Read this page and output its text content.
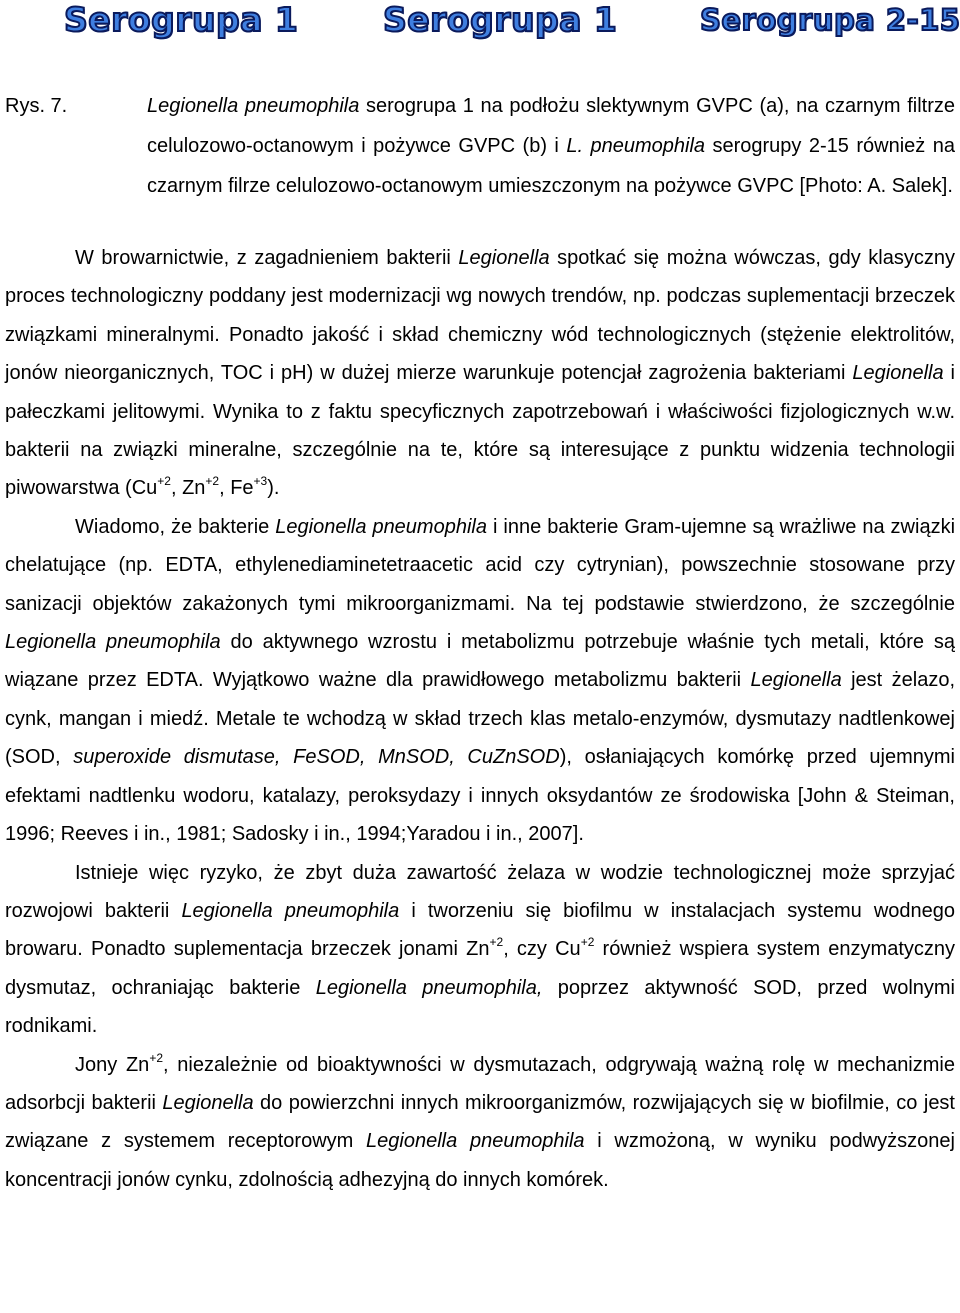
Serogrupa 1	Serogrupa 1	Serogrupa 2-15
Rys. 7.	Legionella pneumophila serogrupa 1 na podłożu slektywnym GVPC (a), na czarnym filtrze celulozowo-octanowym i pożywce GVPC (b) i L. pneumophila serogrupy 2-15 również na czarnym filrze celulozowo-octanowym umieszczonym na pożywce GVPC [Photo: A. Salek].

W browarnictwie, z zagadnieniem bakterii Legionella spotkać się można wówczas, gdy klasyczny proces technologiczny poddany jest modernizacji wg nowych trendów, np. podczas suplementacji brzeczek związkami mineralnymi. Ponadto jakość i skład chemiczny wód technologicznych (stężenie elektrolitów, jonów nieorganicznych, TOC i pH) w dużej mierze warunkuje potencjał zagrożenia bakteriami Legionella i pałeczkami jelitowymi. Wynika to z faktu specyficznych zapotrzebowań i właściwości fizjologicznych w.w. bakterii na związki mineralne, szczególnie na te, które są interesujące z punktu widzenia technologii piwowarstwa ($Cu^{+2}$, $Zn^{+2}$, $Fe^{+3}$).

Wiadomo, że bakterie Legionella pneumophila i inne bakterie Gram-ujemne są wrażliwe na związki chelatujące (np. EDTA, ethylenediaminetetraacetic acid czy cytrynian), powszechnie stosowane przy sanizacji objektów zakażonych tymi mikroorganizmami. Na tej podstawie stwierdzono, że szczególnie Legionella pneumophila do aktywnego wzrostu i metabolizmu potrzebuje właśnie tych metali, które są wiązane przez EDTA. Wyjątkowo ważne dla prawidłowego metabolizmu bakterii Legionella jest żelazo, cynk, mangan i miedź. Metale te wchodzą w skład trzech klas metalo-enzymów, dysmutazy nadtlenkowej (SOD, superoxide dismutase, FeSOD, MnSOD, CuZnSOD), osłaniających komórkę przed ujemnymi efektami nadtlenku wodoru, katalazy, peroksydazy i innych oksydantów ze środowiska [John & Steiman, 1996; Reeves i in., 1981; Sadosky i in., 1994;Yaradou i in., 2007].

Istnieje więc ryzyko, że zbyt duża zawartość żelaza w wodzie technologicznej może sprzyjać rozwojowi bakterii Legionella pneumophila i tworzeniu się biofilmu w instalacjach systemu wodnego browaru. Ponadto suplementacja brzeczek jonami $Zn^{+2}$, czy $Cu^{+2}$ również wspiera system enzymatyczny dysmutaz, ochraniając bakterie Legionella pneumophila, poprzez aktywność SOD, przed wolnymi rodnikami.

Jony $Zn^{+2}$, niezależnie od bioaktywności w dysmutazach, odgrywają ważną rolę w mechanizmie adsorbcji bakterii Legionella do powierzchni innych mikroorganizmów, rozwijających się w biofilmie, co jest związane z systemem receptorowym Legionella pneumophila i wzmożoną, w wyniku podwyższonej koncentracji jonów cynku, zdolnością adhezyjną do innych komórek.
